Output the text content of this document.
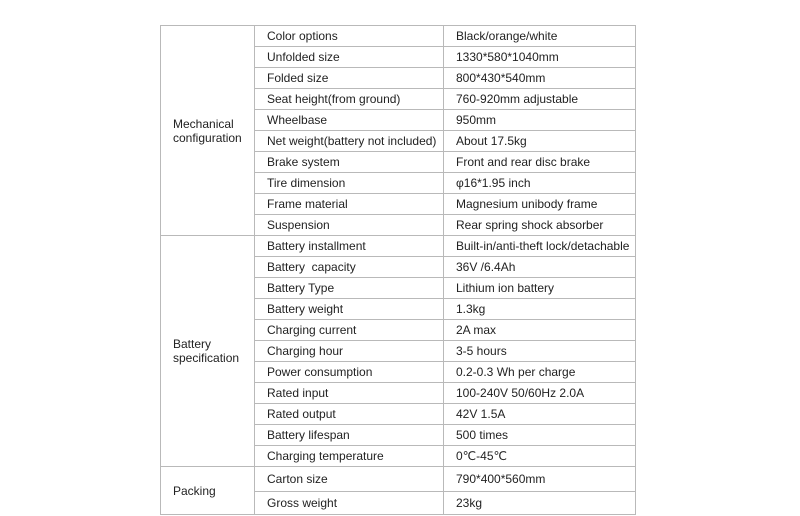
Mechanical
configuration	Color options	Black/orange/white
	Unfolded size	1330*580*1040mm
	Folded size	800*430*540mm
	Seat height(from ground)	760-920mm adjustable
	Wheelbase	950mm
	Net weight(battery not included)	About 17.5kg
	Brake system	Front and rear disc brake
	Tire dimension	φ16*1.95 inch
	Frame material	Magnesium unibody frame
	Suspension	Rear spring shock absorber

Battery
specification	Battery installment	Built-in/anti-theft lock/detachable
	Battery  capacity	36V /6.4Ah
	Battery Type	Lithium ion battery
	Battery weight	1.3kg
	Charging current	2A max
	Charging hour	3-5 hours
	Power consumption	0.2-0.3 Wh per charge
	Rated input	100-240V 50/60Hz 2.0A
	Rated output	42V 1.5A
	Battery lifespan	500 times
	Charging temperature	0℃-45℃

Packing	Carton size	790*400*560mm
	Gross weight	23kg
